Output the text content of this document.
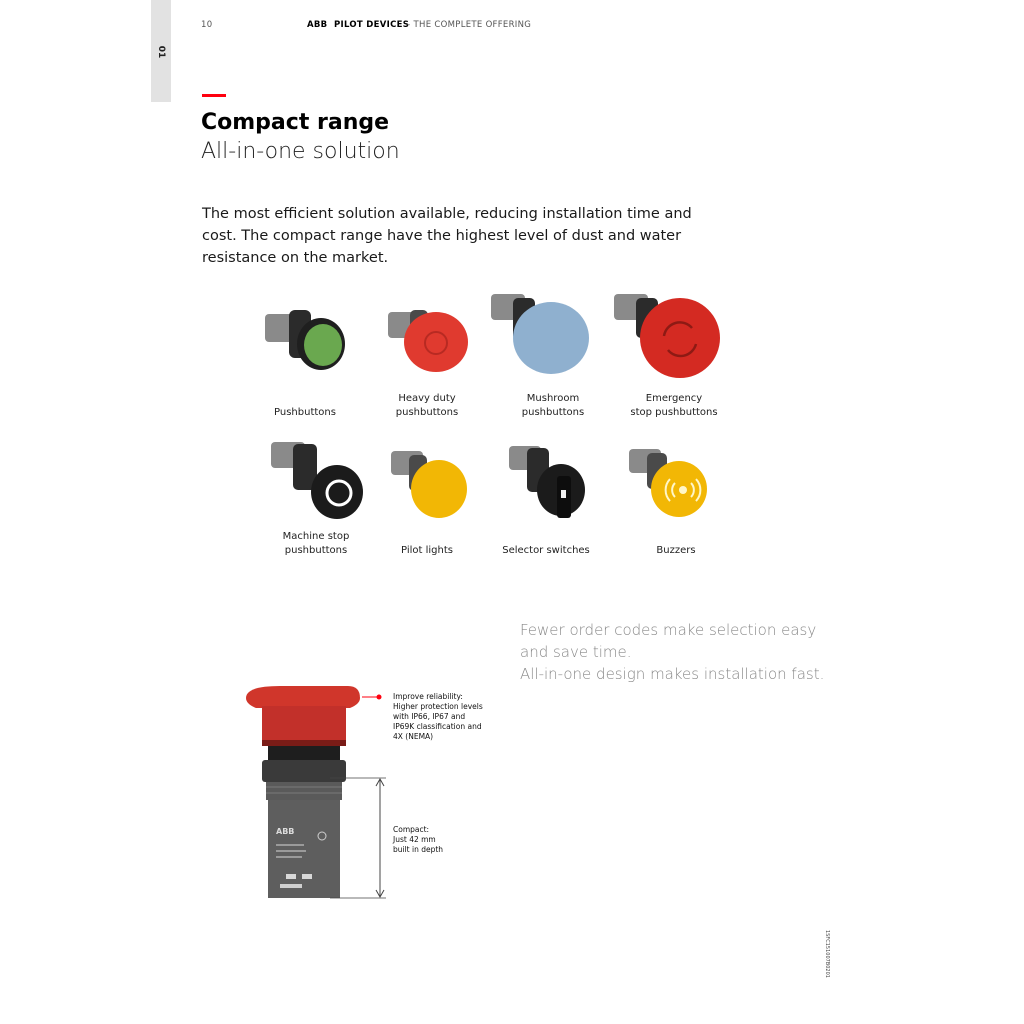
01
10	ABB PILOT DEVICES
– THE COMPLETE OFFERING
Compact range
All-in-one solution
The most efficient solution available, reducing installation time and cost. The compact range have the highest level of dust and water resistance on the market.
Pushbuttons
Heavy duty
pushbuttons
Mushroom
pushbuttons
Emergency
stop pushbuttons
Machine stop
pushbuttons	Pilot lights	Selector switches	Buzzers
Fewer order codes make selection easy
and save time.
All-in-one design makes installation fast.
ABB
Improve reliability:
Higher protection levels
with IP66, IP67 and
IP69K classification and
4X (NEMA)
Compact:
Just 42 mm
built in depth
1SFC151007B0201
